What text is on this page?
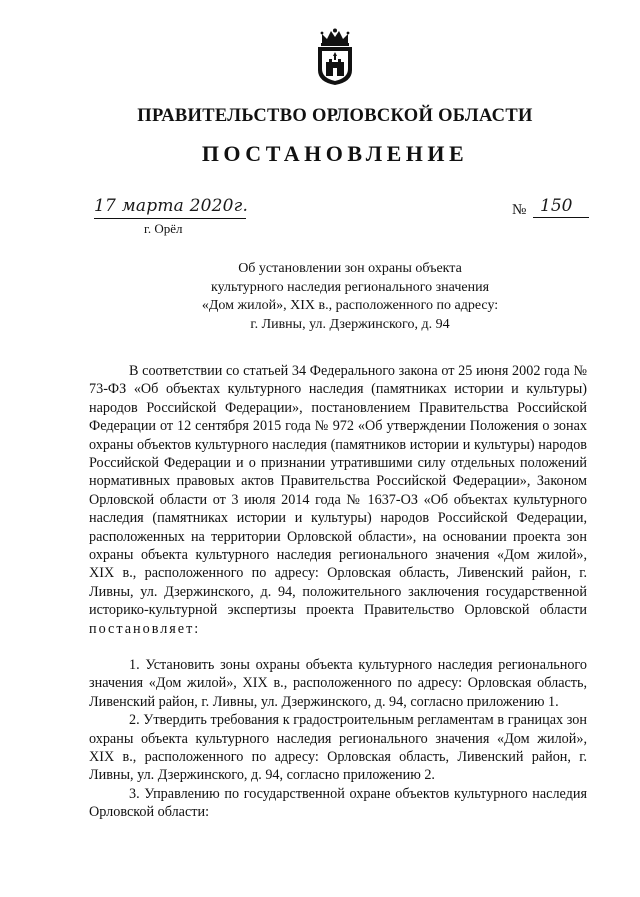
ПРАВИТЕЛЬСТВО ОРЛОВСКОЙ ОБЛАСТИ
ПОСТАНОВЛЕНИЕ
17 марта 2020г.
г. Орёл
№ 150
Об установлении зон охраны объекта
культурного наследия регионального значения
«Дом жилой», XIX в., расположенного по адресу:
г. Ливны, ул. Дзержинского, д. 94

В соответствии со статьей 34 Федерального закона от 25 июня 2002 года № 73-ФЗ «Об объектах культурного наследия (памятниках истории и культуры) народов Российской Федерации», постановлением Правительства Российской Федерации от 12 сентября 2015 года № 972 «Об утверждении Положения о зонах охраны объектов культурного наследия (памятников истории и культуры) народов Российской Федерации и о признании утратившими силу отдельных положений нормативных правовых актов Правительства Российской Федерации», Законом Орловской области от 3 июля 2014 года № 1637-ОЗ «Об объектах культурного наследия (памятниках истории и культуры) народов Российской Федерации, расположенных на территории Орловской области», на основании проекта зон охраны объекта культурного наследия регионального значения «Дом жилой», XIX в., расположенного по адресу: Орловская область, Ливенский район, г. Ливны, ул. Дзержинского, д. 94, положительного заключения государственной историко-культурной экспертизы проекта Правительство Орловской области постановляет:

1. Установить зоны охраны объекта культурного наследия регионального значения «Дом жилой», XIX в., расположенного по адресу: Орловская область, Ливенский район, г. Ливны, ул. Дзержинского, д. 94, согласно приложению 1.

2. Утвердить требования к градостроительным регламентам в границах зон охраны объекта культурного наследия регионального значения «Дом жилой», XIX в., расположенного по адресу: Орловская область, Ливенский район, г. Ливны, ул. Дзержинского, д. 94, согласно приложению 2.

3. Управлению по государственной охране объектов культурного наследия Орловской области:
